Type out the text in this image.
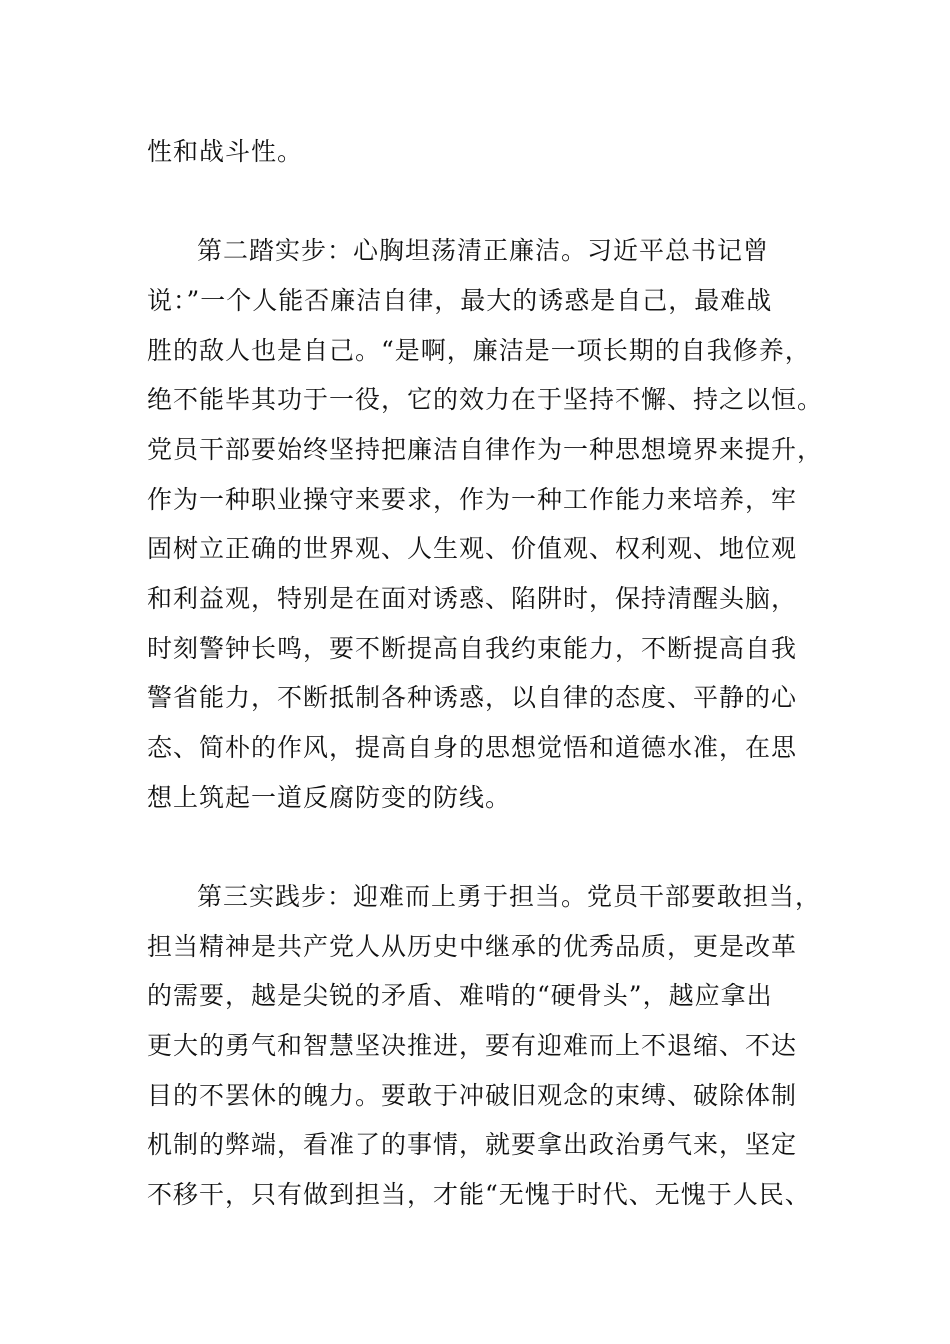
性和战斗性。
第二踏实步：心胸坦荡清正廉洁。习近平总书记曾
说：”一个人能否廉洁自律，最大的诱惑是自己，最难战
胜的敌人也是自己。“是啊，廉洁是一项长期的自我修养，
绝不能毕其功于一役，它的效力在于坚持不懈、持之以恒。
党员干部要始终坚持把廉洁自律作为一种思想境界来提升，
作为一种职业操守来要求，作为一种工作能力来培养，牢
固树立正确的世界观、人生观、价值观、权利观、地位观
和利益观，特别是在面对诱惑、陷阱时，保持清醒头脑，
时刻警钟长鸣，要不断提高自我约束能力，不断提高自我
警省能力，不断抵制各种诱惑，以自律的态度、平静的心
态、简朴的作风，提高自身的思想觉悟和道德水准，在思
想上筑起一道反腐防变的防线。
第三实践步：迎难而上勇于担当。党员干部要敢担当，
担当精神是共产党人从历史中继承的优秀品质，更是改革
的需要，越是尖锐的矛盾、难啃的“硬骨头”，越应拿出
更大的勇气和智慧坚决推进，要有迎难而上不退缩、不达
目的不罢休的魄力。要敢于冲破旧观念的束缚、破除体制
机制的弊端，看准了的事情，就要拿出政治勇气来，坚定
不移干，只有做到担当，才能“无愧于时代、无愧于人民、
